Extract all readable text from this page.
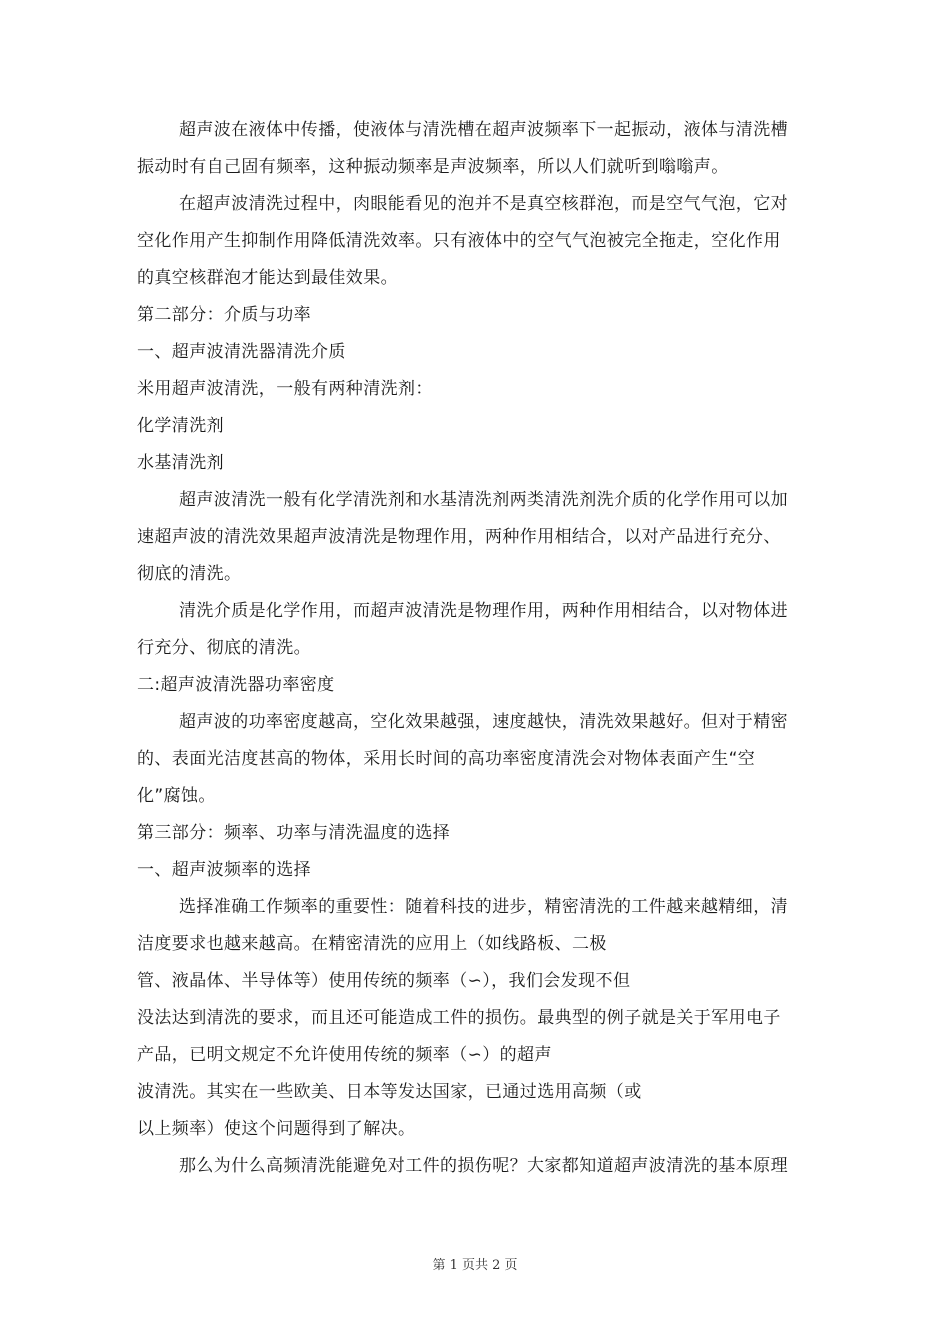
超声波在液体中传播，使液体与清洗槽在超声波频率下一起振动，液体与清洗槽
振动时有自己固有频率，这种振动频率是声波频率，所以人们就听到嗡嗡声。
在超声波清洗过程中，肉眼能看见的泡并不是真空核群泡，而是空气气泡，它对
空化作用产生抑制作用降低清洗效率。只有液体中的空气气泡被完全拖走，空化作用
的真空核群泡才能达到最佳效果。
第二部分：介质与功率
一、超声波清洗器清洗介质
米用超声波清洗，一般有两种清洗剂：
化学清洗剂
水基清洗剂
超声波清洗一般有化学清洗剂和水基清洗剂两类清洗剂洗介质的化学作用可以加
速超声波的清洗效果超声波清洗是物理作用，两种作用相结合，以对产品进行充分、
彻底的清洗。
清洗介质是化学作用，而超声波清洗是物理作用，两种作用相结合，以对物体进
行充分、彻底的清洗。
二:超声波清洗器功率密度
超声波的功率密度越高，空化效果越强，速度越快，清洗效果越好。但对于精密
的、表面光洁度甚高的物体，采用长时间的高功率密度清洗会对物体表面产生“空
化”腐蚀。
第三部分：频率、功率与清洗温度的选择
一、超声波频率的选择
选择准确工作频率的重要性：随着科技的进步，精密清洗的工件越来越精细，清
洁度要求也越来越高。在精密清洗的应用上（如线路板、二极
管、液晶体、半导体等）使用传统的频率（∽），我们会发现不但
没法达到清洗的要求，而且还可能造成工件的损伤。最典型的例子就是关于军用电子
产品，已明文规定不允许使用传统的频率（∽）的超声
波清洗。其实在一些欧美、日本等发达国家，已通过选用高频（或
以上频率）使这个问题得到了解决。
那么为什么高频清洗能避免对工件的损伤呢？大家都知道超声波清洗的基本原理
第 1 页共 2 页
